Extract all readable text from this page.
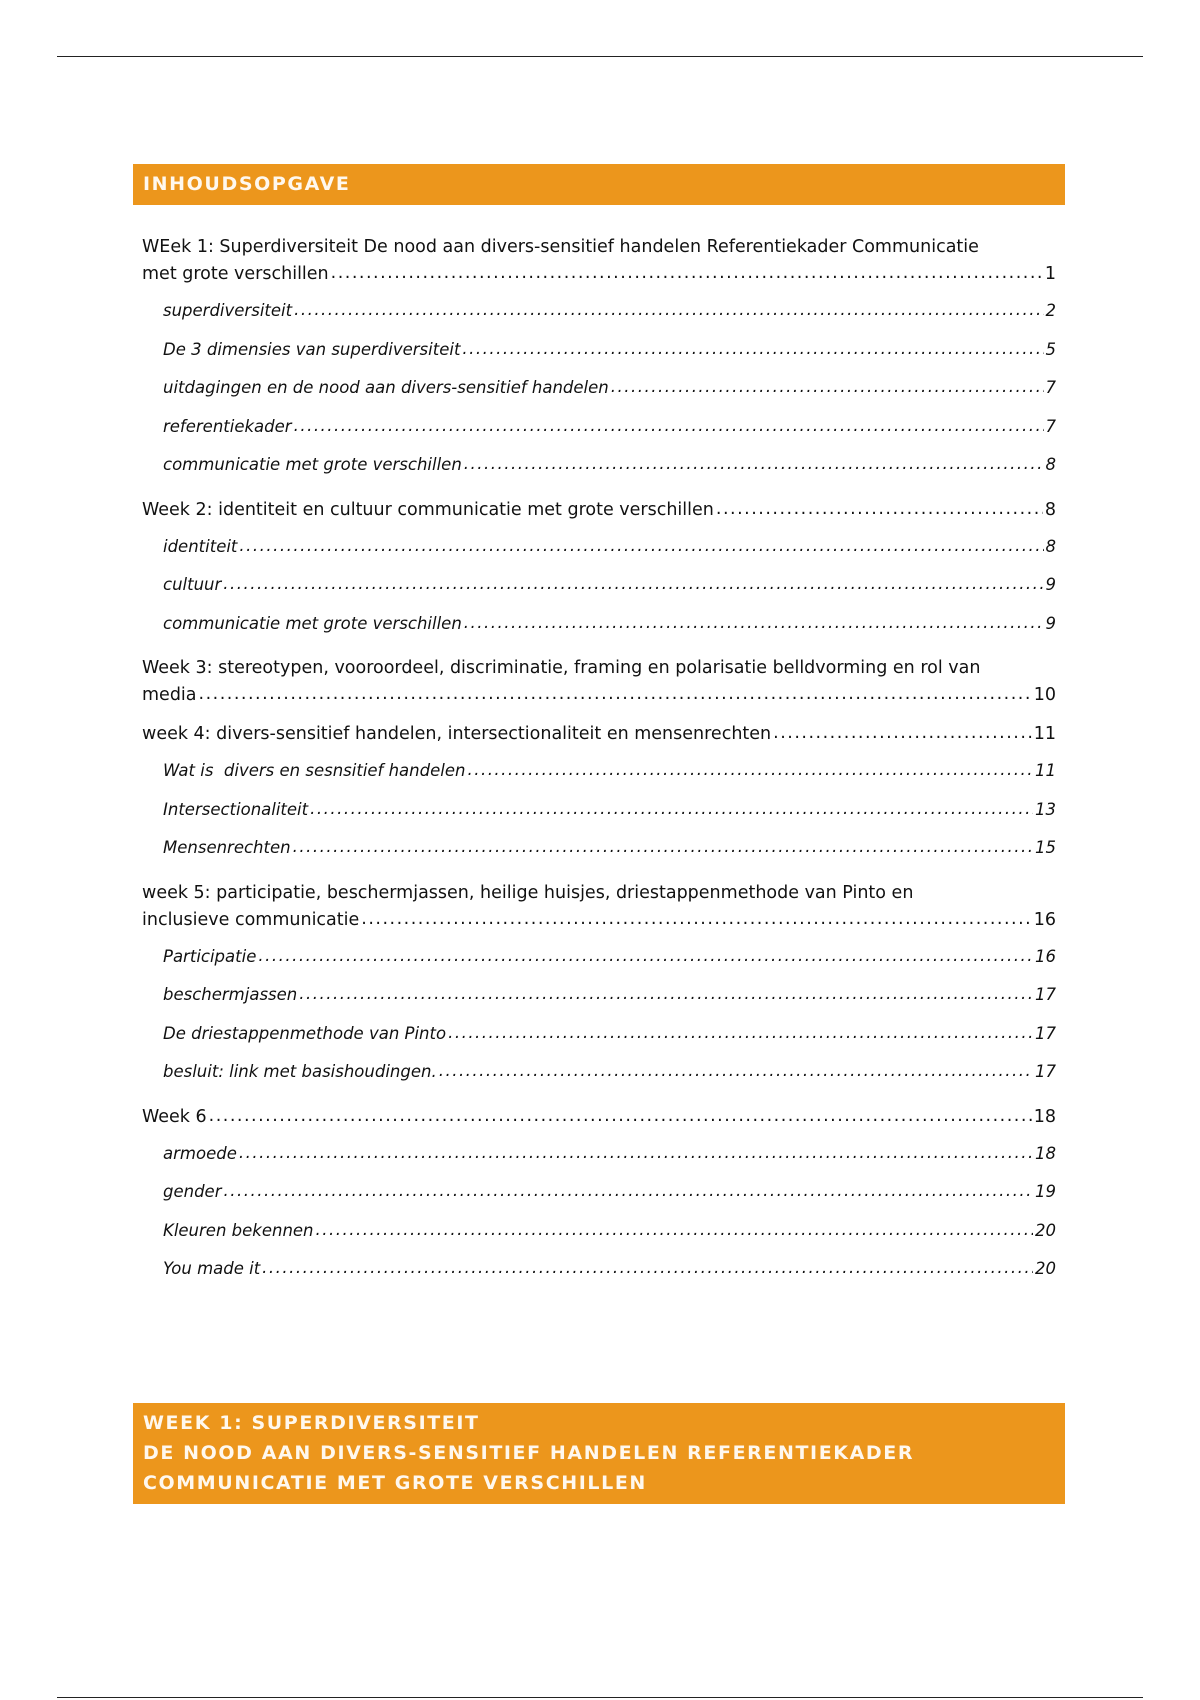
INHOUDSOPGAVE
WEek 1: Superdiversiteit De nood aan divers-sensitief handelen Referentiekader Communicatie
met grote verschillen .....	1
superdiversiteit .....	2
De 3 dimensies van superdiversiteit .....	5
uitdagingen en de nood aan divers-sensitief handelen .....	7
referentiekader .....	7
communicatie met grote verschillen .....	8
Week 2: identiteit en cultuur communicatie met grote verschillen .....	8
identiteit .....	8
cultuur .....	9
communicatie met grote verschillen .....	9
Week 3: stereotypen, vooroordeel, discriminatie, framing en polarisatie belldvorming en rol van
media .....	10
week 4: divers-sensitief handelen, intersectionaliteit en mensenrechten .....	11
Wat is  divers en sesnsitief handelen .....	11
Intersectionaliteit .....	13
Mensenrechten .....	15
week 5: participatie, beschermjassen, heilige huisjes, driestappenmethode van Pinto en
inclusieve communicatie .....	16
Participatie .....	16
beschermjassen .....	17
De driestappenmethode van Pinto .....	17
besluit: link met basishoudingen. .....	17
Week 6 .....	18
armoede .....	18
gender .....	19
Kleuren bekennen .....	20
You made it .....	20
WEEK 1: SUPERDIVERSITEIT
DE NOOD AAN DIVERS-SENSITIEF HANDELEN REFERENTIEKADER
COMMUNICATIE MET GROTE VERSCHILLEN
